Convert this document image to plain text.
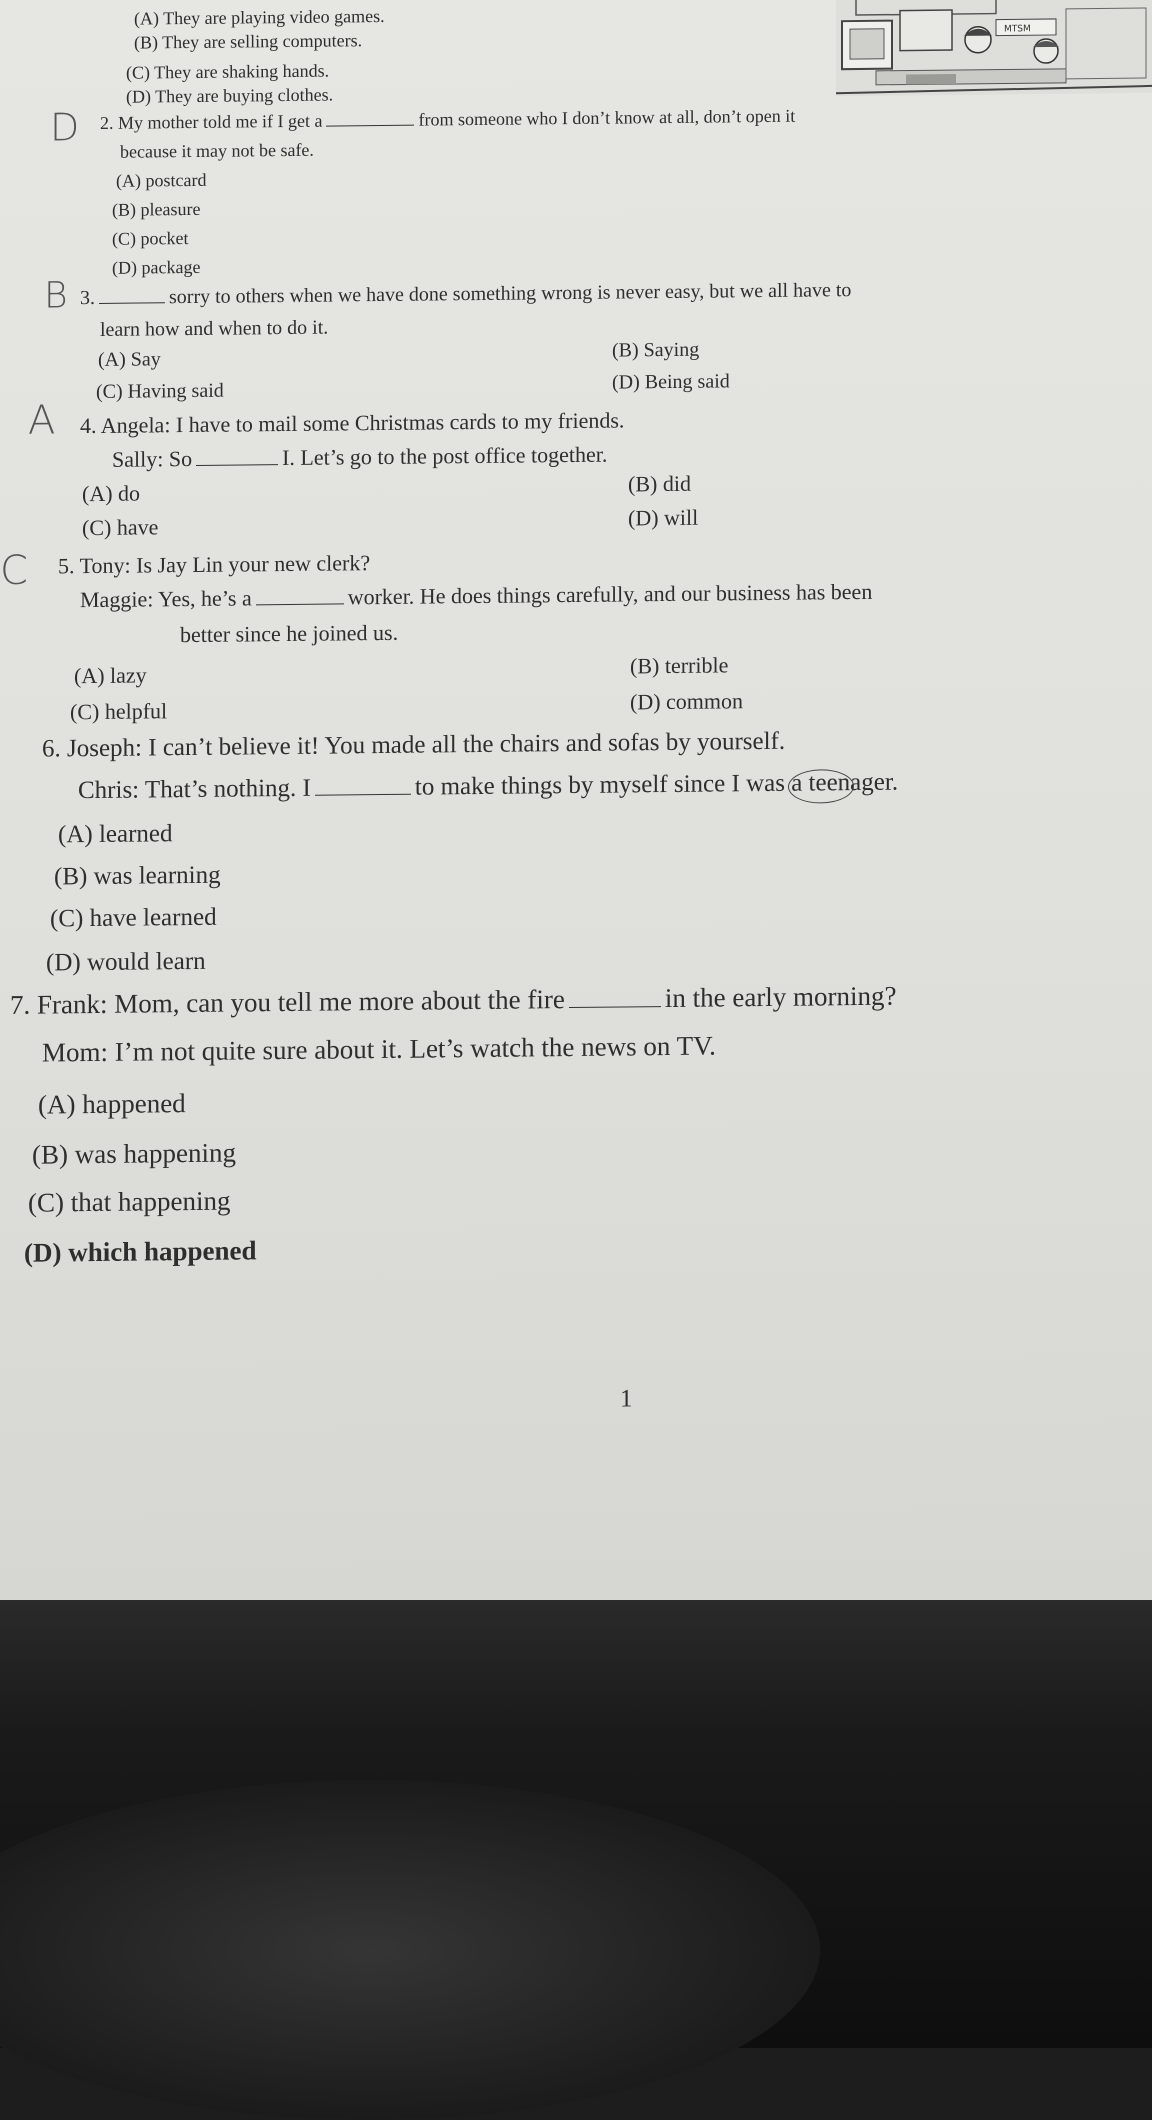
(A) They are playing video games.
(B) They are selling computers.
(C) They are shaking hands.
(D) They are buying clothes.
MTSM
D 2. My mother told me if I get a	from someone who I don’t know at all, don’t open it
because it may not be safe.
(A) postcard
(B) pleasure
(C) pocket
(D) package
B 3.	sorry to others when we have done something wrong is never easy, but we all have to
learn how and when to do it.
(A) Say	(B) Saying
(C) Having said	(D) Being said
A 4. Angela: I have to mail some Christmas cards to my friends.
Sally: So	I. Let’s go to the post office together.
(A) do	(B) did
(C) have	(D) will
C 5. Tony: Is Jay Lin your new clerk?
Maggie: Yes, he’s a	worker. He does things carefully, and our business has been
better since he joined us.
(A) lazy	(B) terrible
(C) helpful	(D) common
6. Joseph: I can’t believe it! You made all the chairs and sofas by yourself.
Chris: That’s nothing. I	to make things by myself since I was a teenager.
(A) learned
(B) was learning
(C) have learned
(D) would learn
7. Frank: Mom, can you tell me more about the fire	in the early morning?
Mom: I’m not quite sure about it. Let’s watch the news on TV.
(A) happened
(B) was happening
(C) that happening
(D) which happened
1
